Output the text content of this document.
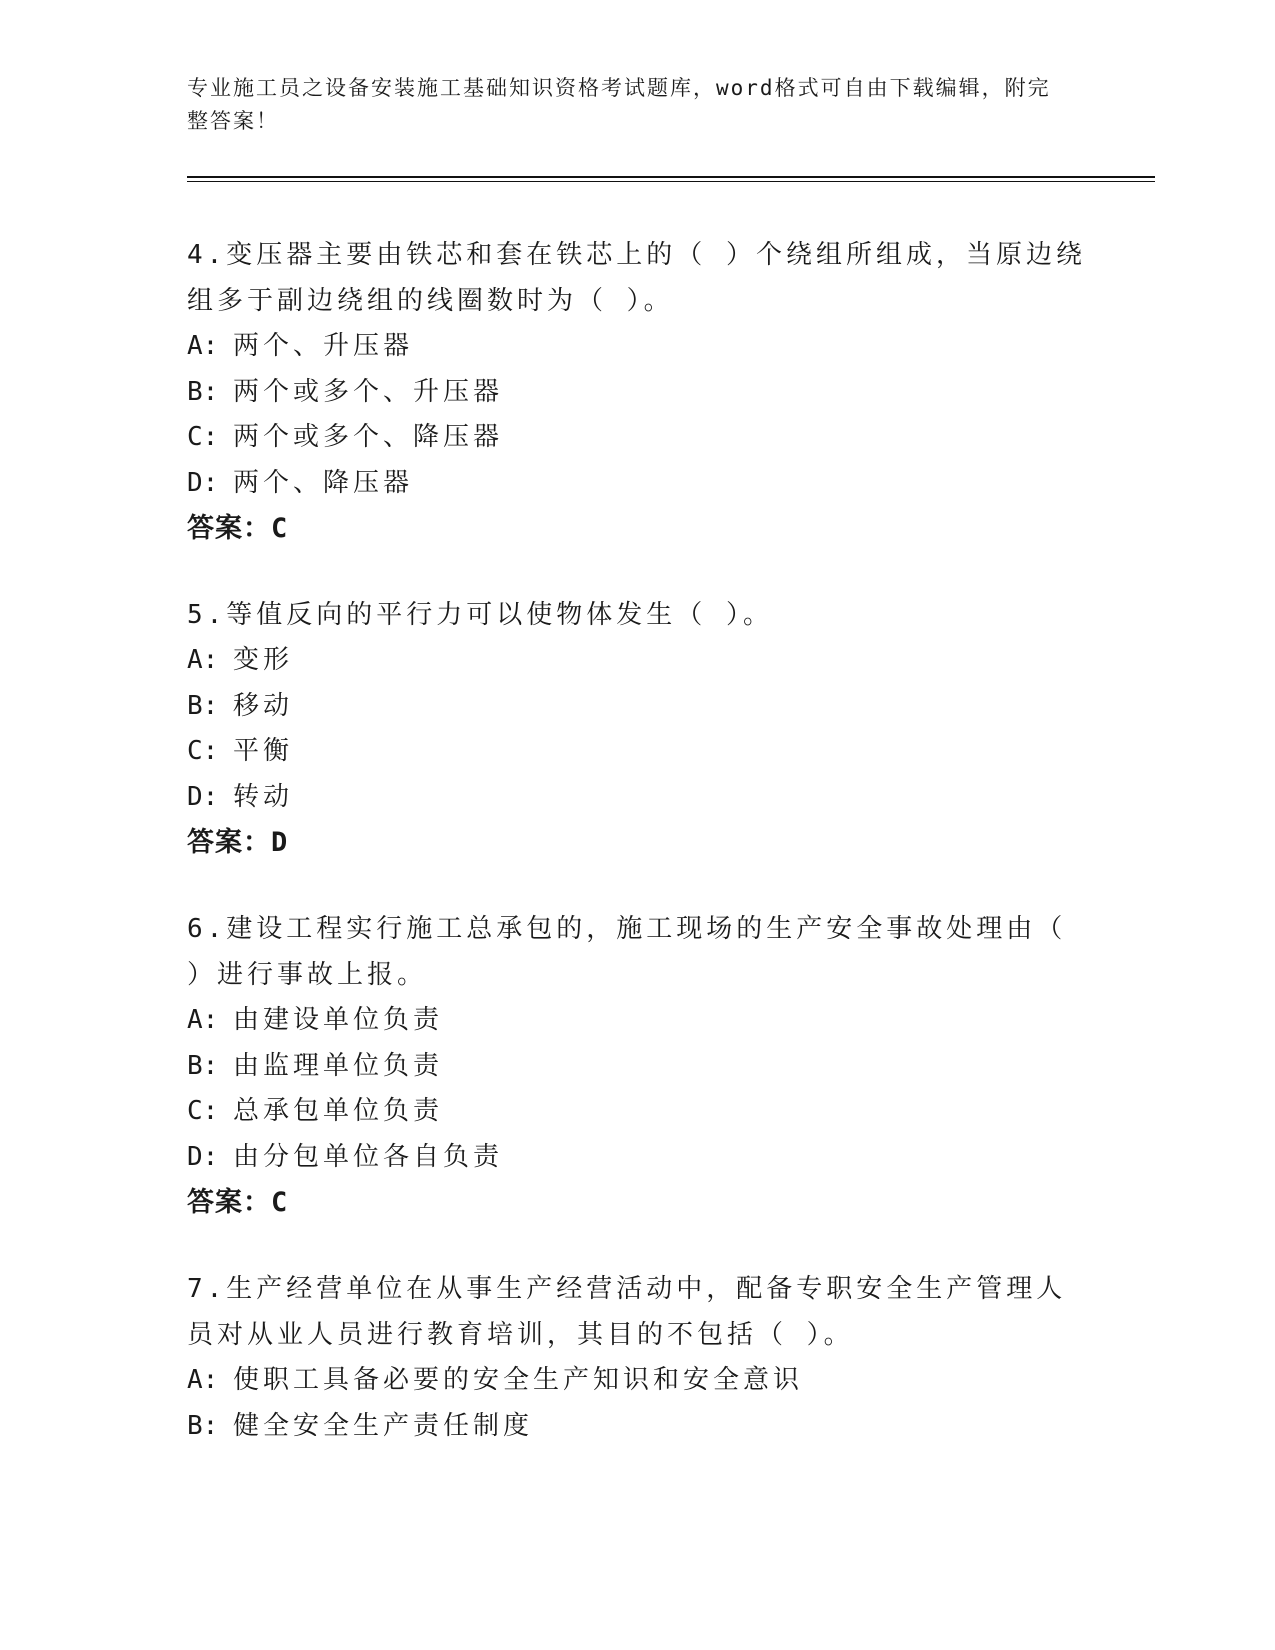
专业施工员之设备安装施工基础知识资格考试题库，word格式可自由下载编辑，附完整答案！
4.变压器主要由铁芯和套在铁芯上的（ ）个绕组所组成，当原边绕组多于副边绕组的线圈数时为（ ）。
A: 两个、升压器
B: 两个或多个、升压器
C: 两个或多个、降压器
D: 两个、降压器
答案：C
5.等值反向的平行力可以使物体发生（ ）。
A: 变形
B: 移动
C: 平衡
D: 转动
答案：D
6.建设工程实行施工总承包的，施工现场的生产安全事故处理由（ ）进行事故上报。
A: 由建设单位负责
B: 由监理单位负责
C: 总承包单位负责
D: 由分包单位各自负责
答案：C
7.生产经营单位在从事生产经营活动中，配备专职安全生产管理人员对从业人员进行教育培训，其目的不包括（ ）。
A: 使职工具备必要的安全生产知识和安全意识
B: 健全安全生产责任制度
